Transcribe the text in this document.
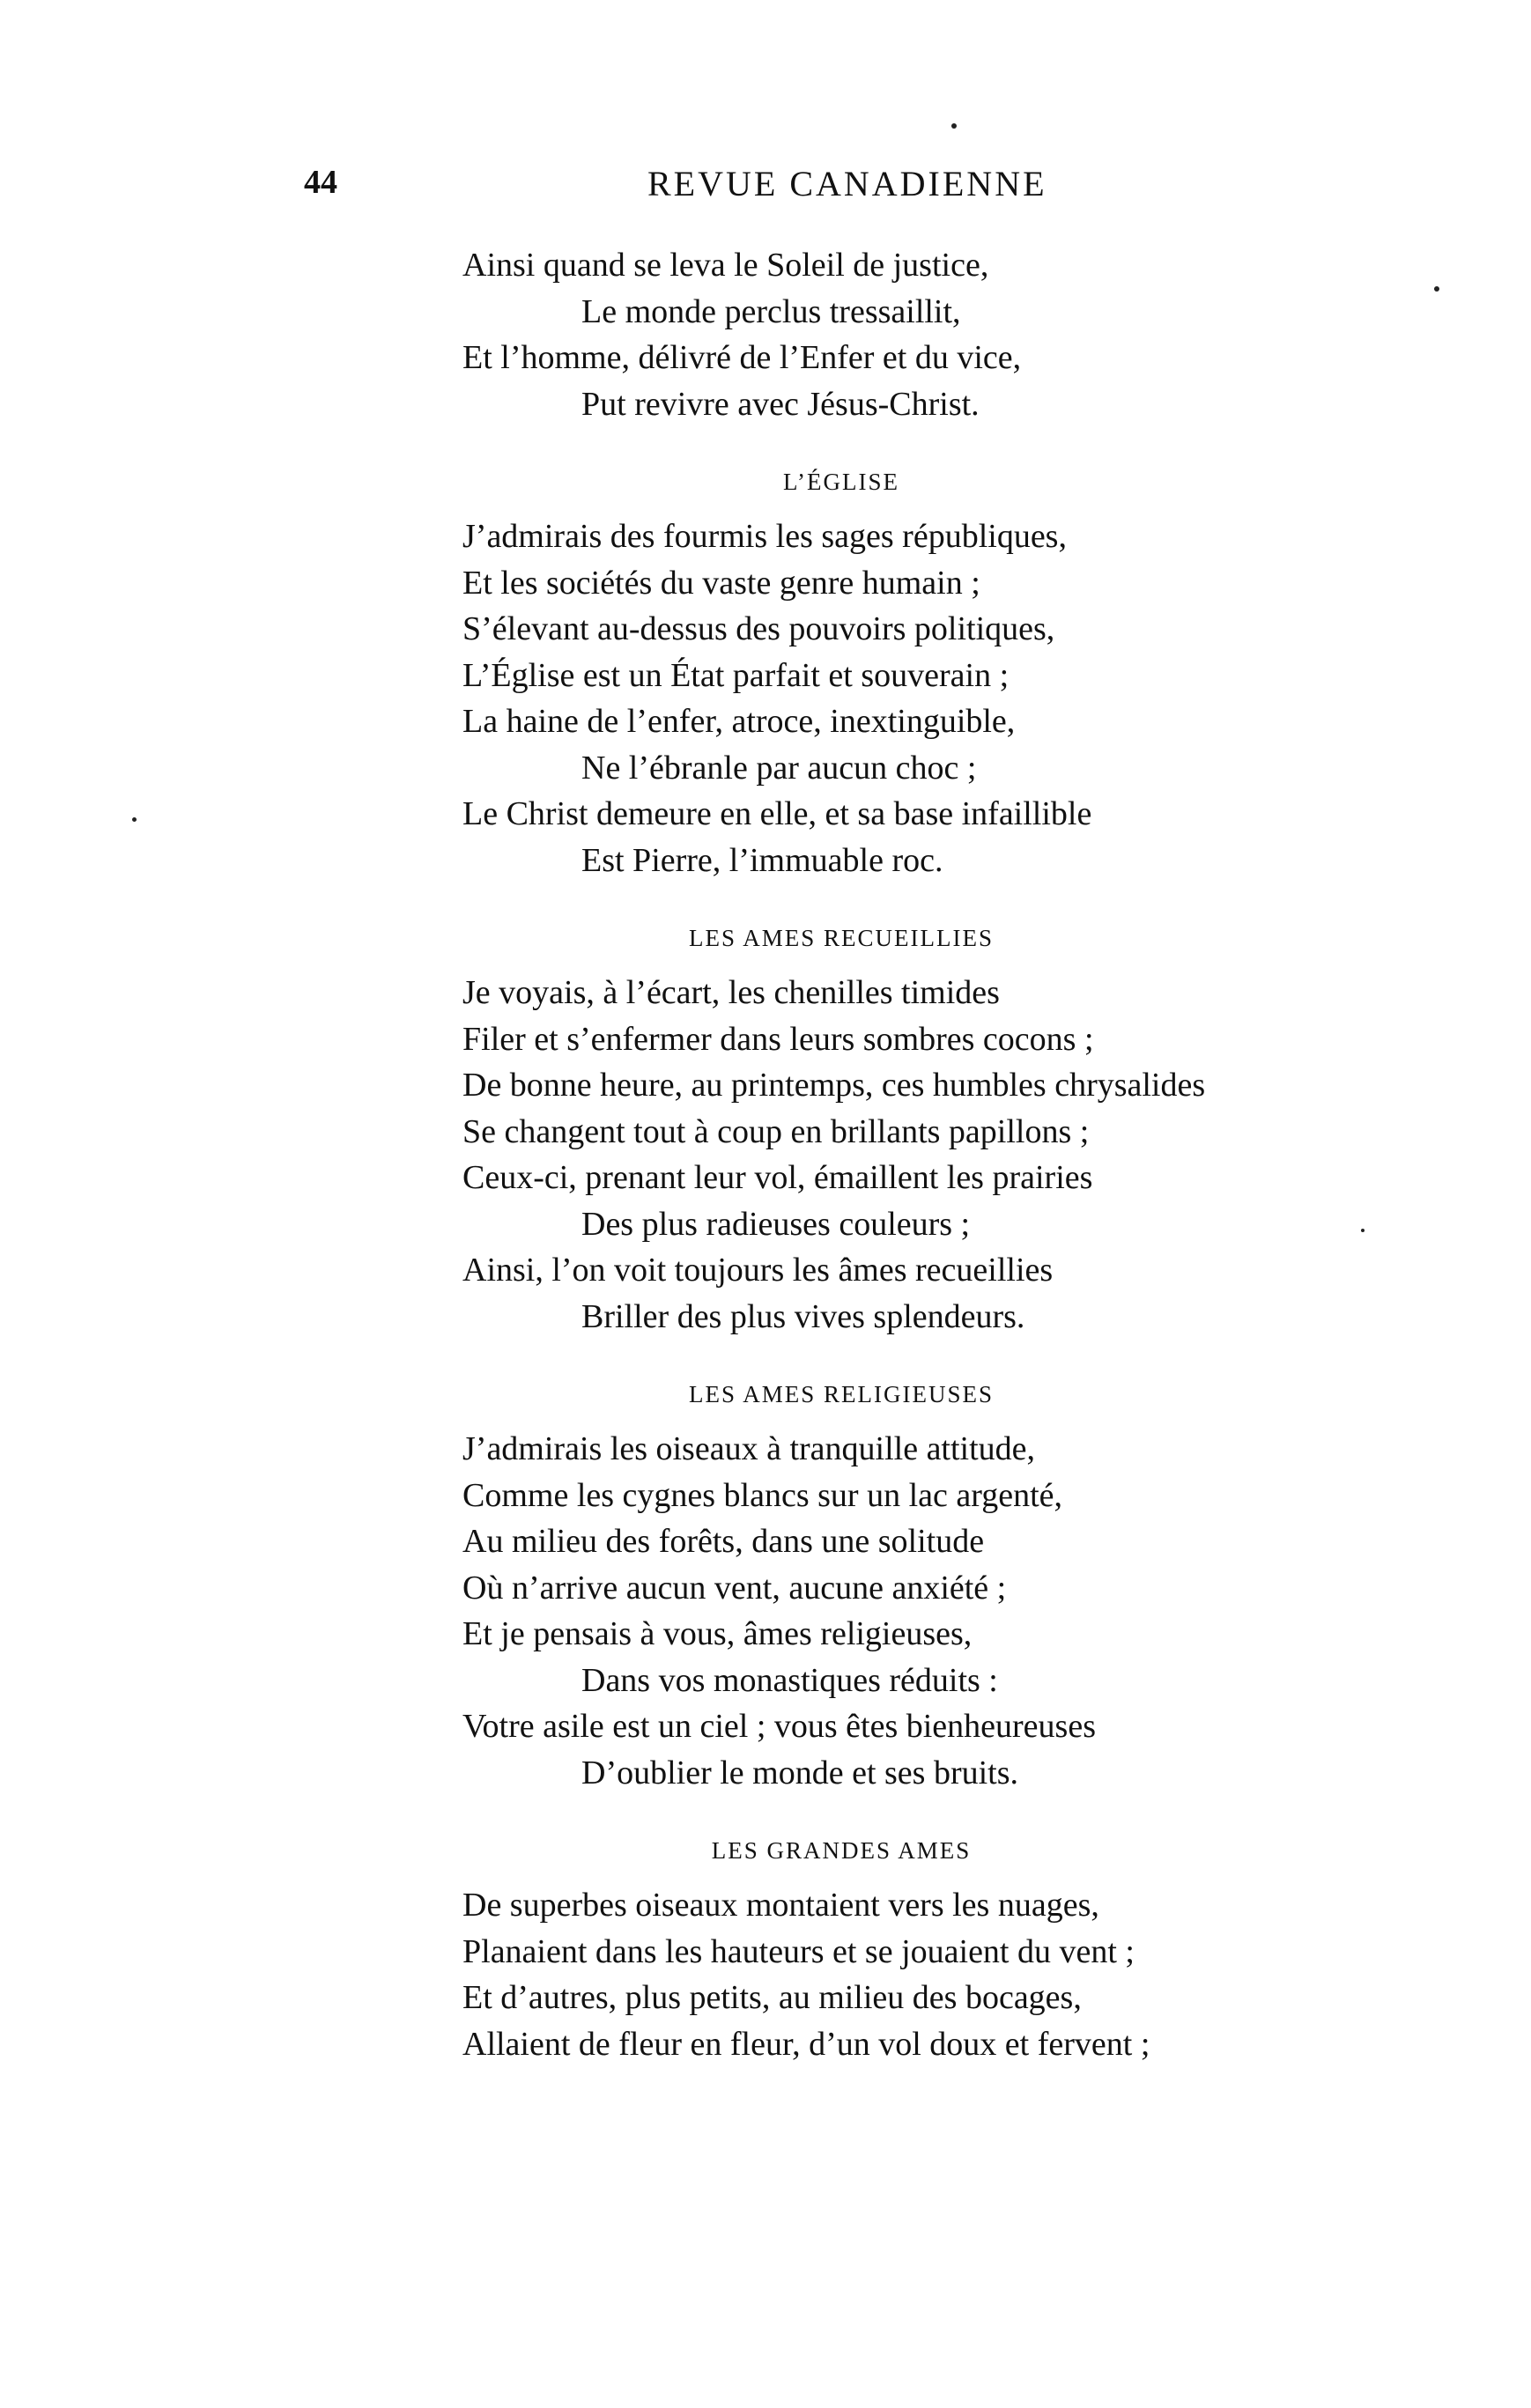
44	REVUE CANADIENNE
Ainsi quand se leva le Soleil de justice,
Le monde perclus tressaillit,
Et l’homme, délivré de l’Enfer et du vice,
Put revivre avec Jésus-Christ.
L’ÉGLISE
J’admirais des fourmis les sages républiques,
Et les sociétés du vaste genre humain ;
S’élevant au-dessus des pouvoirs politiques,
L’Église est un État parfait et souverain ;
La haine de l’enfer, atroce, inextinguible,
Ne l’ébranle par aucun choc ;
Le Christ demeure en elle, et sa base infaillible
Est Pierre, l’immuable roc.
LES AMES RECUEILLIES
Je voyais, à l’écart, les chenilles timides
Filer et s’enfermer dans leurs sombres cocons ;
De bonne heure, au printemps, ces humbles chrysalides
Se changent tout à coup en brillants papillons ;
Ceux-ci, prenant leur vol, émaillent les prairies
Des plus radieuses couleurs ;
Ainsi, l’on voit toujours les âmes recueillies
Briller des plus vives splendeurs.
LES AMES RELIGIEUSES
J’admirais les oiseaux à tranquille attitude,
Comme les cygnes blancs sur un lac argenté,
Au milieu des forêts, dans une solitude
Où n’arrive aucun vent, aucune anxiété ;
Et je pensais à vous, âmes religieuses,
Dans vos monastiques réduits :
Votre asile est un ciel ; vous êtes bienheureuses
D’oublier le monde et ses bruits.
LES GRANDES AMES
De superbes oiseaux montaient vers les nuages,
Planaient dans les hauteurs et se jouaient du vent ;
Et d’autres, plus petits, au milieu des bocages,
Allaient de fleur en fleur, d’un vol doux et fervent ;
